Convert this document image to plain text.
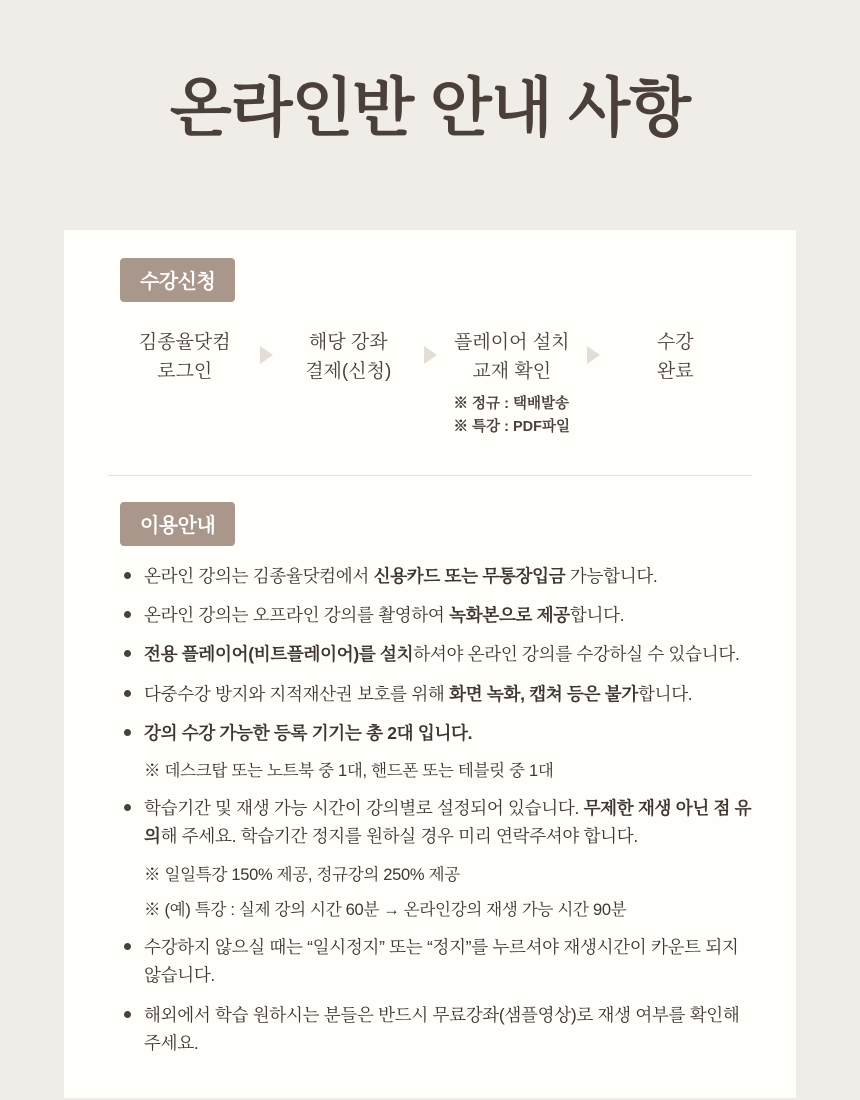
온라인반 안내 사항
수강신청
김종율닷컴
로그인
해당 강좌
결제(신청)
플레이어 설치
교재 확인
※ 정규 : 택배발송
※ 특강 : PDF파일
수강
완료
이용안내
온라인 강의는 김종율닷컴에서 신용카드 또는 무통장입금 가능합니다.
온라인 강의는 오프라인 강의를 촬영하여 녹화본으로 제공합니다.
전용 플레이어(비트플레이어)를 설치하셔야 온라인 강의를 수강하실 수 있습니다.
다중수강 방지와 지적재산권 보호를 위해 화면 녹화, 캡쳐 등은 불가합니다.
강의 수강 가능한 등록 기기는 총 2대 입니다.
※ 데스크탑 또는 노트북 중 1대, 핸드폰 또는 테블릿 중 1대
학습기간 및 재생 가능 시간이 강의별로 설정되어 있습니다. 무제한 재생 아닌 점 유의해 주세요. 학습기간 정지를 원하실 경우 미리 연락주셔야 합니다.
※ 일일특강 150% 제공, 정규강의 250% 제공
※ (예) 특강 : 실제 강의 시간 60분 → 온라인강의 재생 가능 시간 90분
수강하지 않으실 때는 “일시정지” 또는 “정지”를 누르셔야 재생시간이 카운트 되지 않습니다.
해외에서 학습 원하시는 분들은 반드시 무료강좌(샘플영상)로 재생 여부를 확인해 주세요.
